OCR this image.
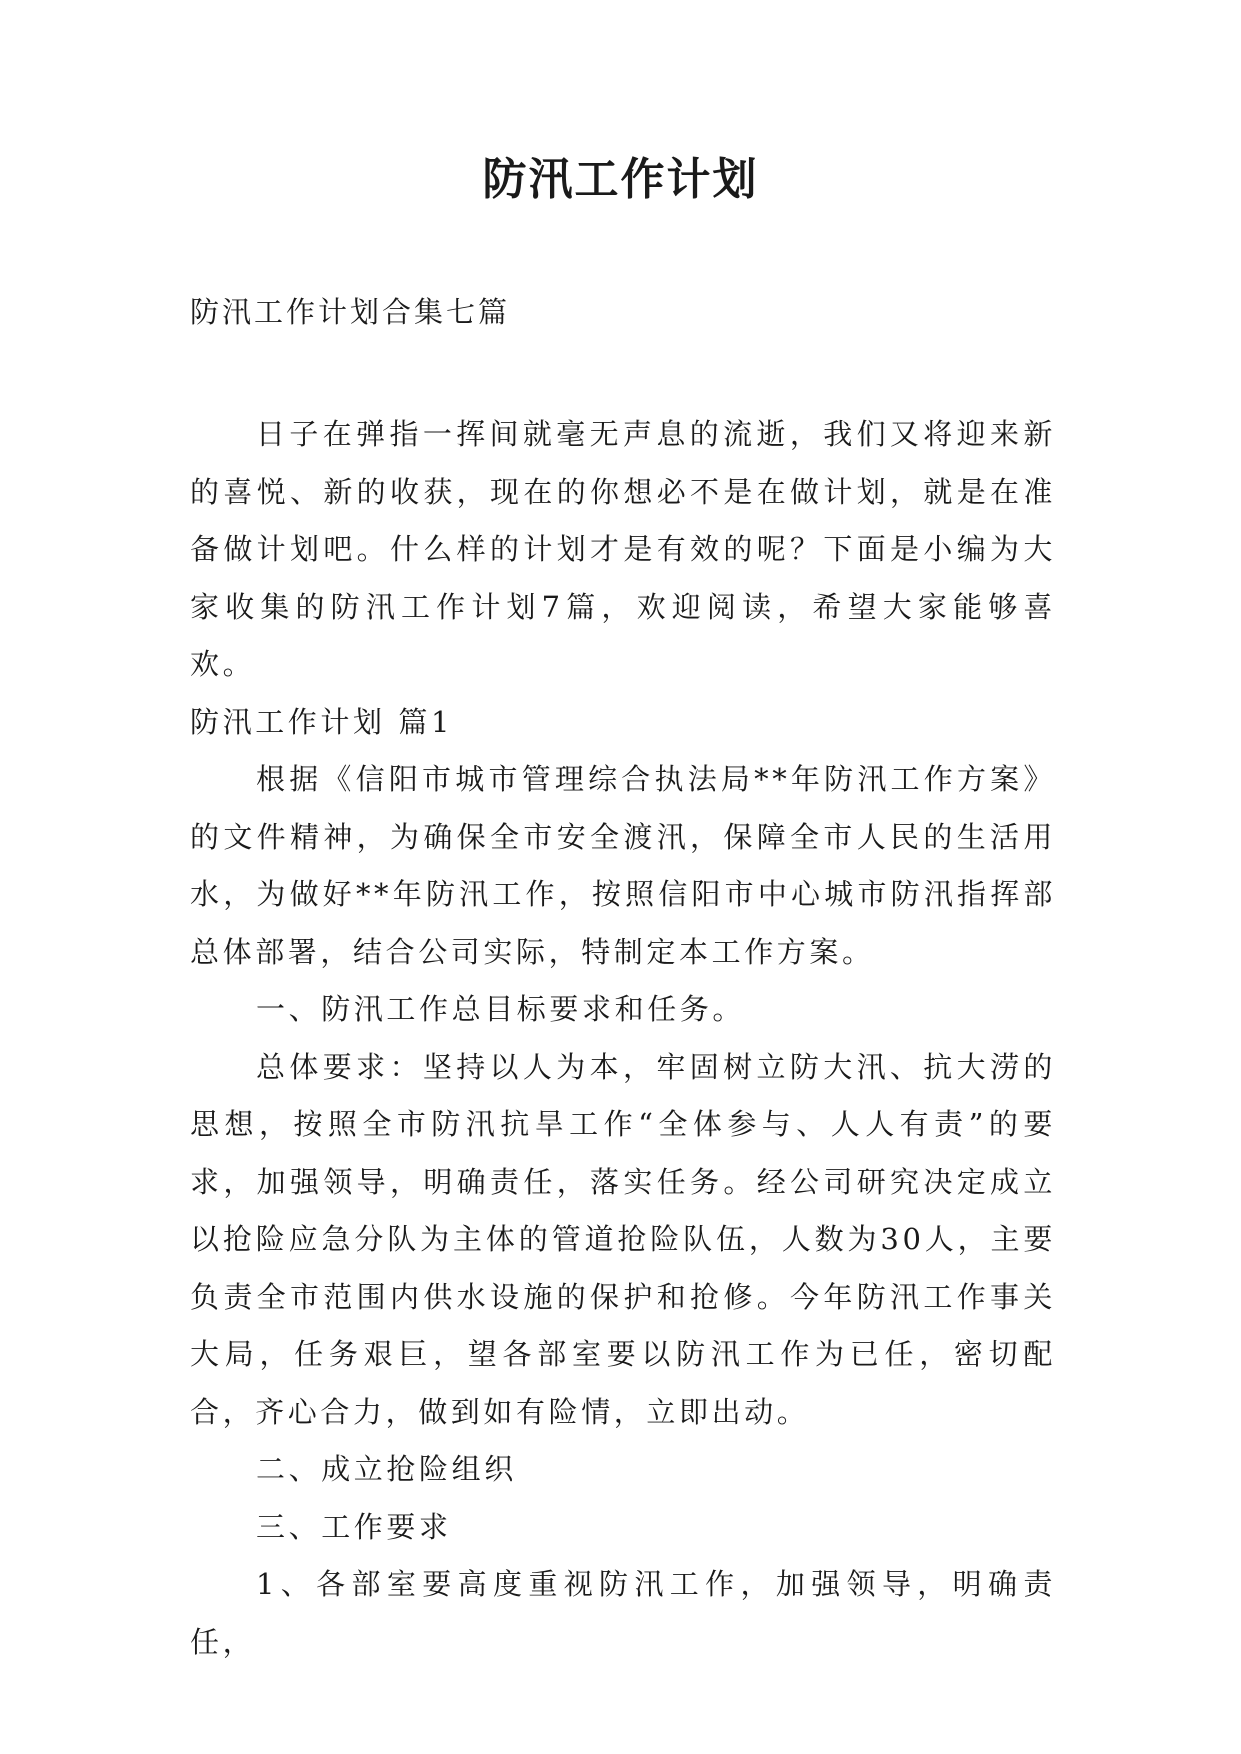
防汛工作计划
防汛工作计划合集七篇

日子在弹指一挥间就毫无声息的流逝，我们又将迎来新的喜悦、新的收获，现在的你想必不是在做计划，就是在准备做计划吧。什么样的计划才是有效的呢？下面是小编为大家收集的防汛工作计划7篇，欢迎阅读，希望大家能够喜欢。

防汛工作计划 篇1

根据《信阳市城市管理综合执法局**年防汛工作方案》的文件精神，为确保全市安全渡汛，保障全市人民的生活用水，为做好**年防汛工作，按照信阳市中心城市防汛指挥部总体部署，结合公司实际，特制定本工作方案。

一、防汛工作总目标要求和任务。

总体要求：坚持以人为本，牢固树立防大汛、抗大涝的思想，按照全市防汛抗旱工作“全体参与、人人有责”的要求，加强领导，明确责任，落实任务。经公司研究决定成立以抢险应急分队为主体的管道抢险队伍，人数为30人，主要负责全市范围内供水设施的保护和抢修。今年防汛工作事关大局，任务艰巨，望各部室要以防汛工作为已任，密切配合，齐心合力，做到如有险情，立即出动。

二、成立抢险组织

三、工作要求

1、各部室要高度重视防汛工作，加强领导，明确责任，
